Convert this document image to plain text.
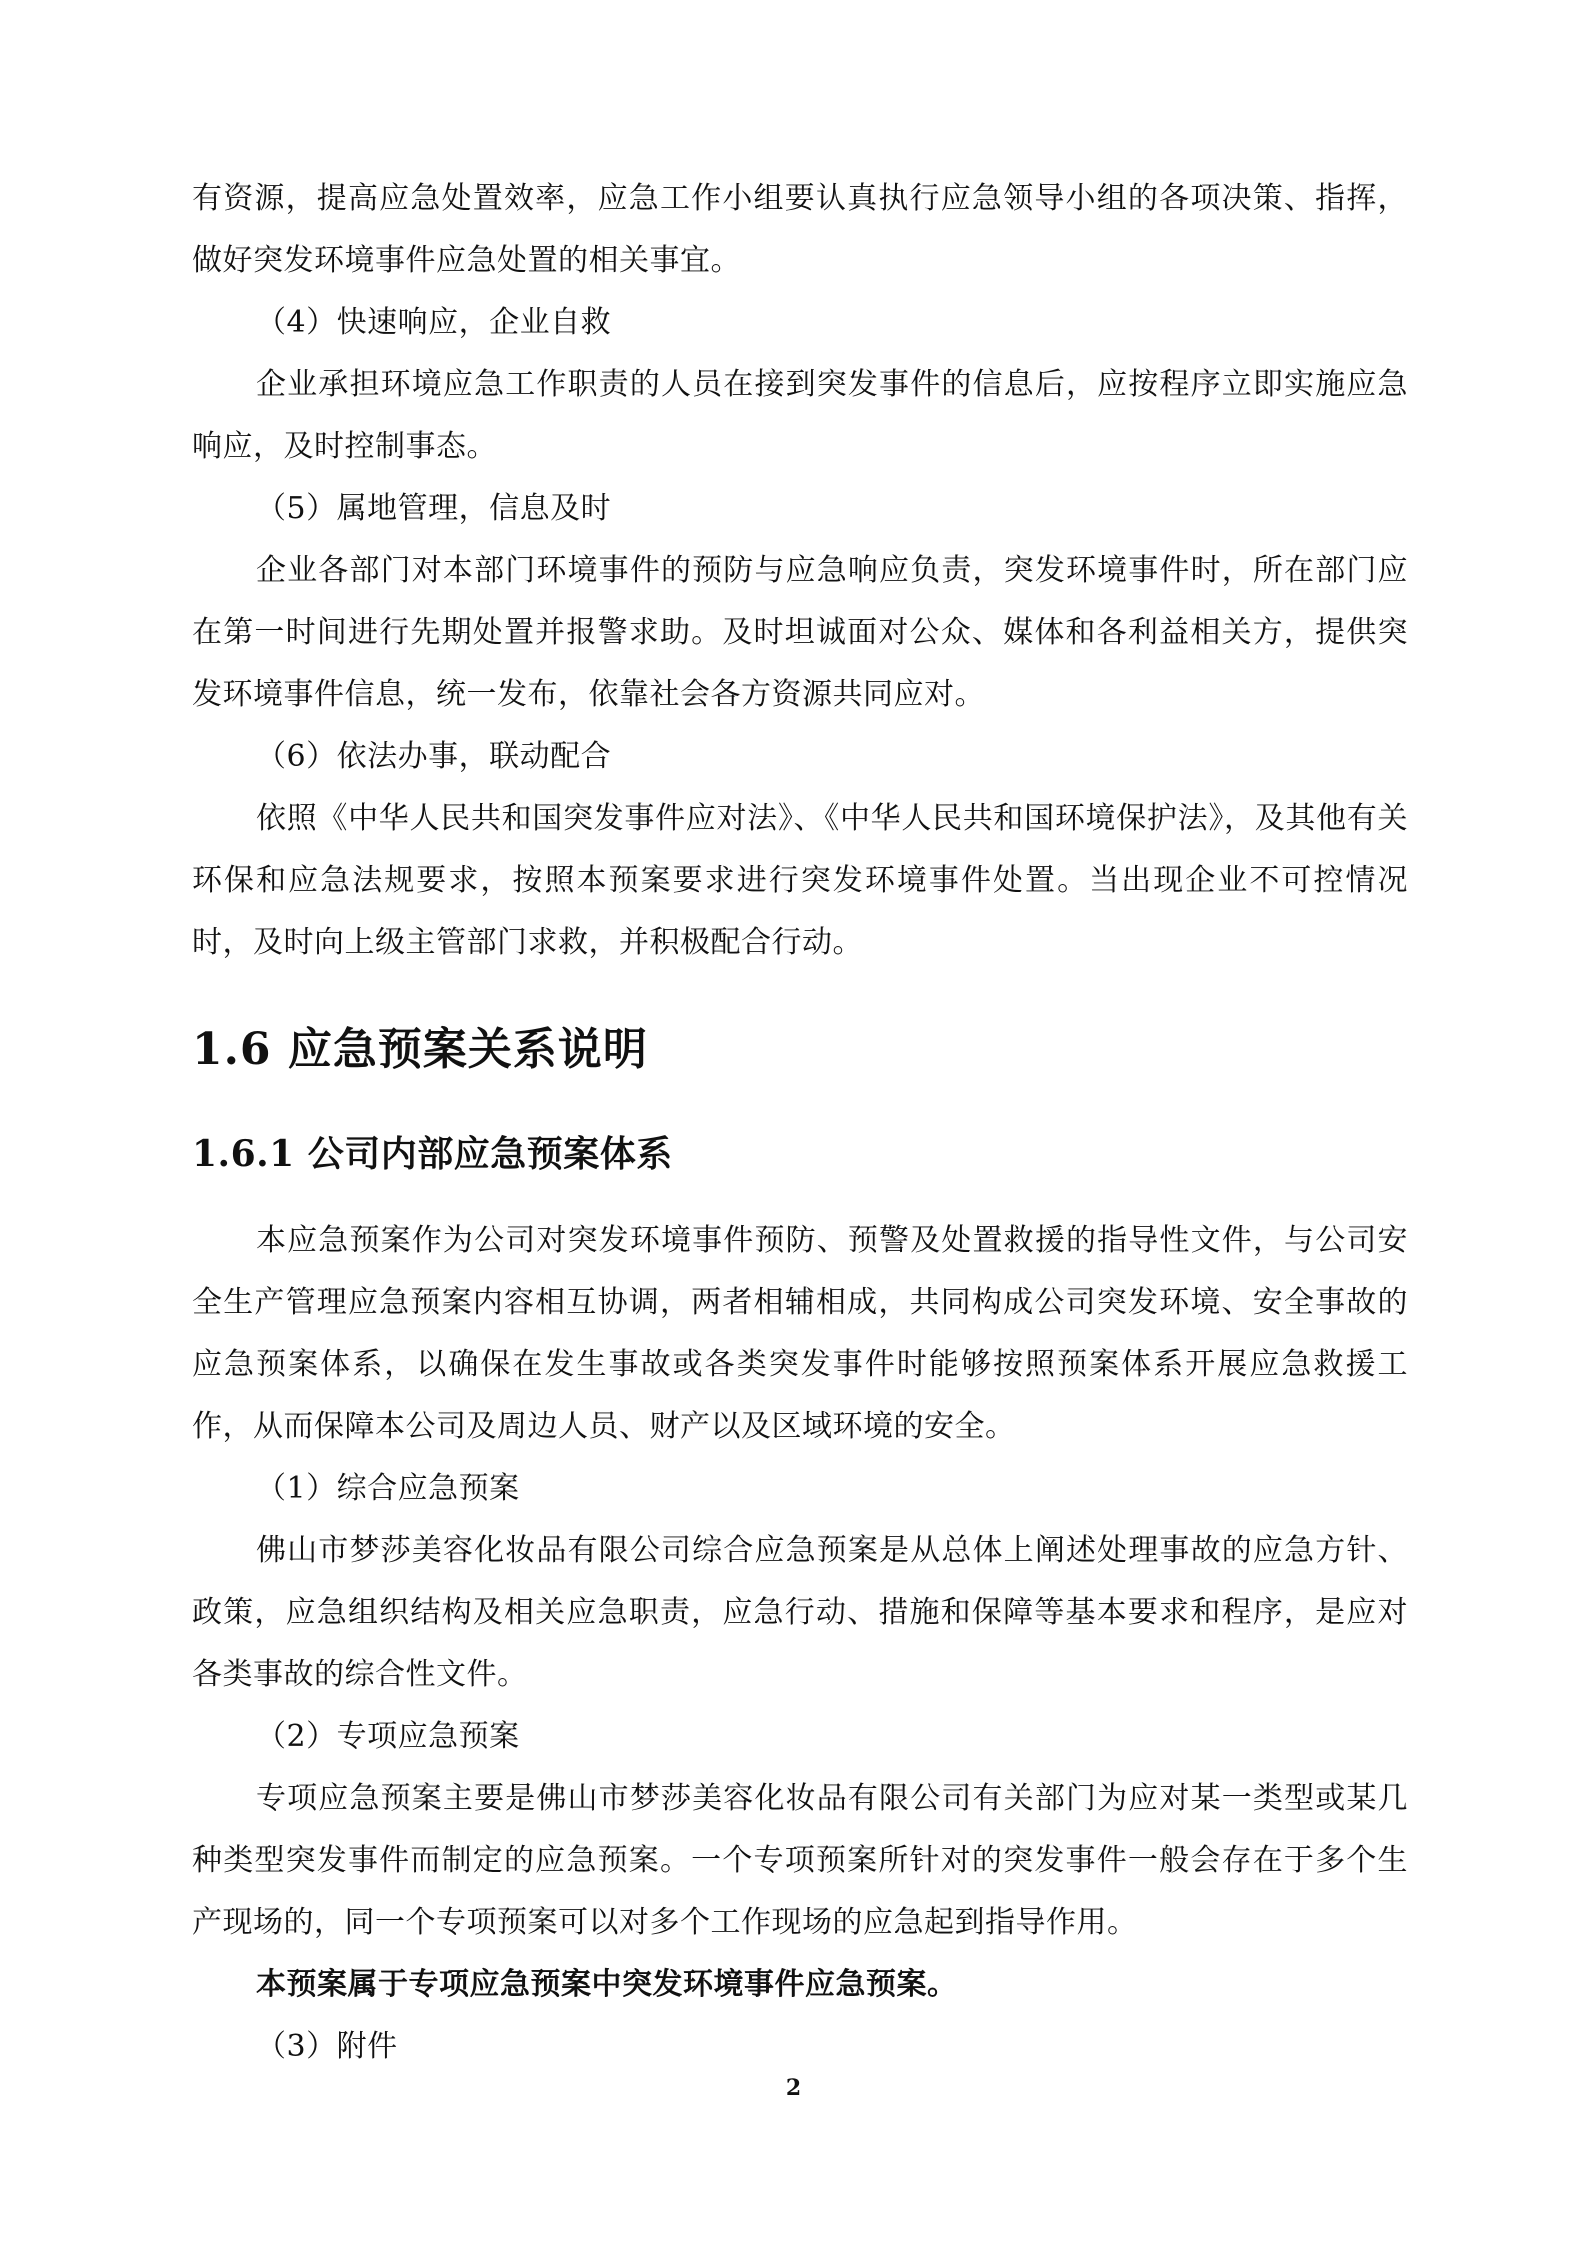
有资源，提高应急处置效率，应急工作小组要认真执行应急领导小组的各项决策、指挥，做好突发环境事件应急处置的相关事宜。

（4）快速响应，企业自救

企业承担环境应急工作职责的人员在接到突发事件的信息后，应按程序立即实施应急响应，及时控制事态。

（5）属地管理，信息及时

企业各部门对本部门环境事件的预防与应急响应负责，突发环境事件时，所在部门应在第一时间进行先期处置并报警求助。及时坦诚面对公众、媒体和各利益相关方，提供突发环境事件信息，统一发布，依靠社会各方资源共同应对。

（6）依法办事，联动配合

依照《中华人民共和国突发事件应对法》、《中华人民共和国环境保护法》，及其他有关环保和应急法规要求，按照本预案要求进行突发环境事件处置。当出现企业不可控情况时，及时向上级主管部门求救，并积极配合行动。

1.6 应急预案关系说明
1.6.1 公司内部应急预案体系

本应急预案作为公司对突发环境事件预防、预警及处置救援的指导性文件，与公司安全生产管理应急预案内容相互协调，两者相辅相成，共同构成公司突发环境、安全事故的应急预案体系，以确保在发生事故或各类突发事件时能够按照预案体系开展应急救援工作，从而保障本公司及周边人员、财产以及区域环境的安全。

（1）综合应急预案

佛山市梦莎美容化妆品有限公司综合应急预案是从总体上阐述处理事故的应急方针、政策，应急组织结构及相关应急职责，应急行动、措施和保障等基本要求和程序，是应对各类事故的综合性文件。

（2）专项应急预案

专项应急预案主要是佛山市梦莎美容化妆品有限公司有关部门为应对某一类型或某几种类型突发事件而制定的应急预案。一个专项预案所针对的突发事件一般会存在于多个生产现场的，同一个专项预案可以对多个工作现场的应急起到指导作用。

本预案属于专项应急预案中突发环境事件应急预案。

（3）附件

2
